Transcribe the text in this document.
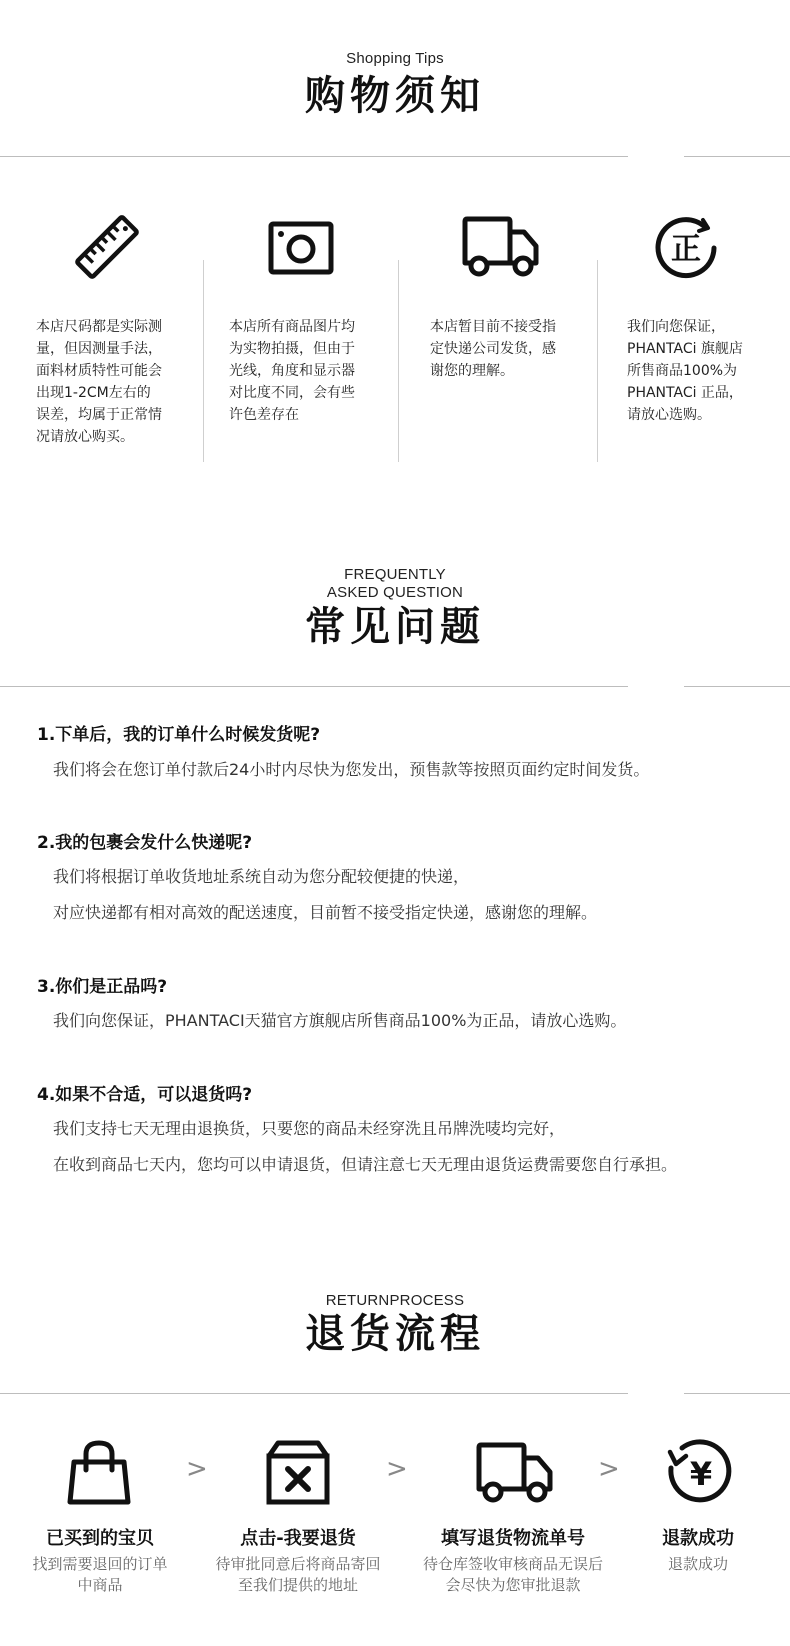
Shopping Tips
购物须知
正
本店尺码都是实际测
量，但因测量手法，
面料材质特性可能会
出现1-2CM左右的
误差，均属于正常情
况请放心购买。
本店所有商品图片均
为实物拍摄，但由于
光线，角度和显示器
对比度不同，会有些
许色差存在
本店暂目前不接受指
定快递公司发货，感
谢您的理解。
我们向您保证，
PHANTACi 旗舰店
所售商品100%为
PHANTACi 正品，
请放心选购。
FREQUENTLY
ASKED QUESTION
常见问题
1.下单后，我的订单什么时候发货呢?
我们将会在您订单付款后24小时内尽快为您发出，预售款等按照页面约定时间发货。
2.我的包裹会发什么快递呢?
我们将根据订单收货地址系统自动为您分配较便捷的快递，
对应快递都有相对高效的配送速度，目前暂不接受指定快递，感谢您的理解。
3.你们是正品吗?
我们向您保证，PHANTACI天猫官方旗舰店所售商品100%为正品，请放心选购。
4.如果不合适，可以退货吗?
我们支持七天无理由退换货，只要您的商品未经穿洗且吊牌洗唛均完好，
在收到商品七天内，您均可以申请退货，但请注意七天无理由退货运费需要您自行承担。
RETURNPROCESS
退货流程
¥
>	>	>
已买到的宝贝
找到需要退回的订单
中商品
点击-我要退货
待审批同意后将商品寄回
至我们提供的地址
填写退货物流单号
待仓库签收审核商品无误后
会尽快为您审批退款
退款成功
退款成功
